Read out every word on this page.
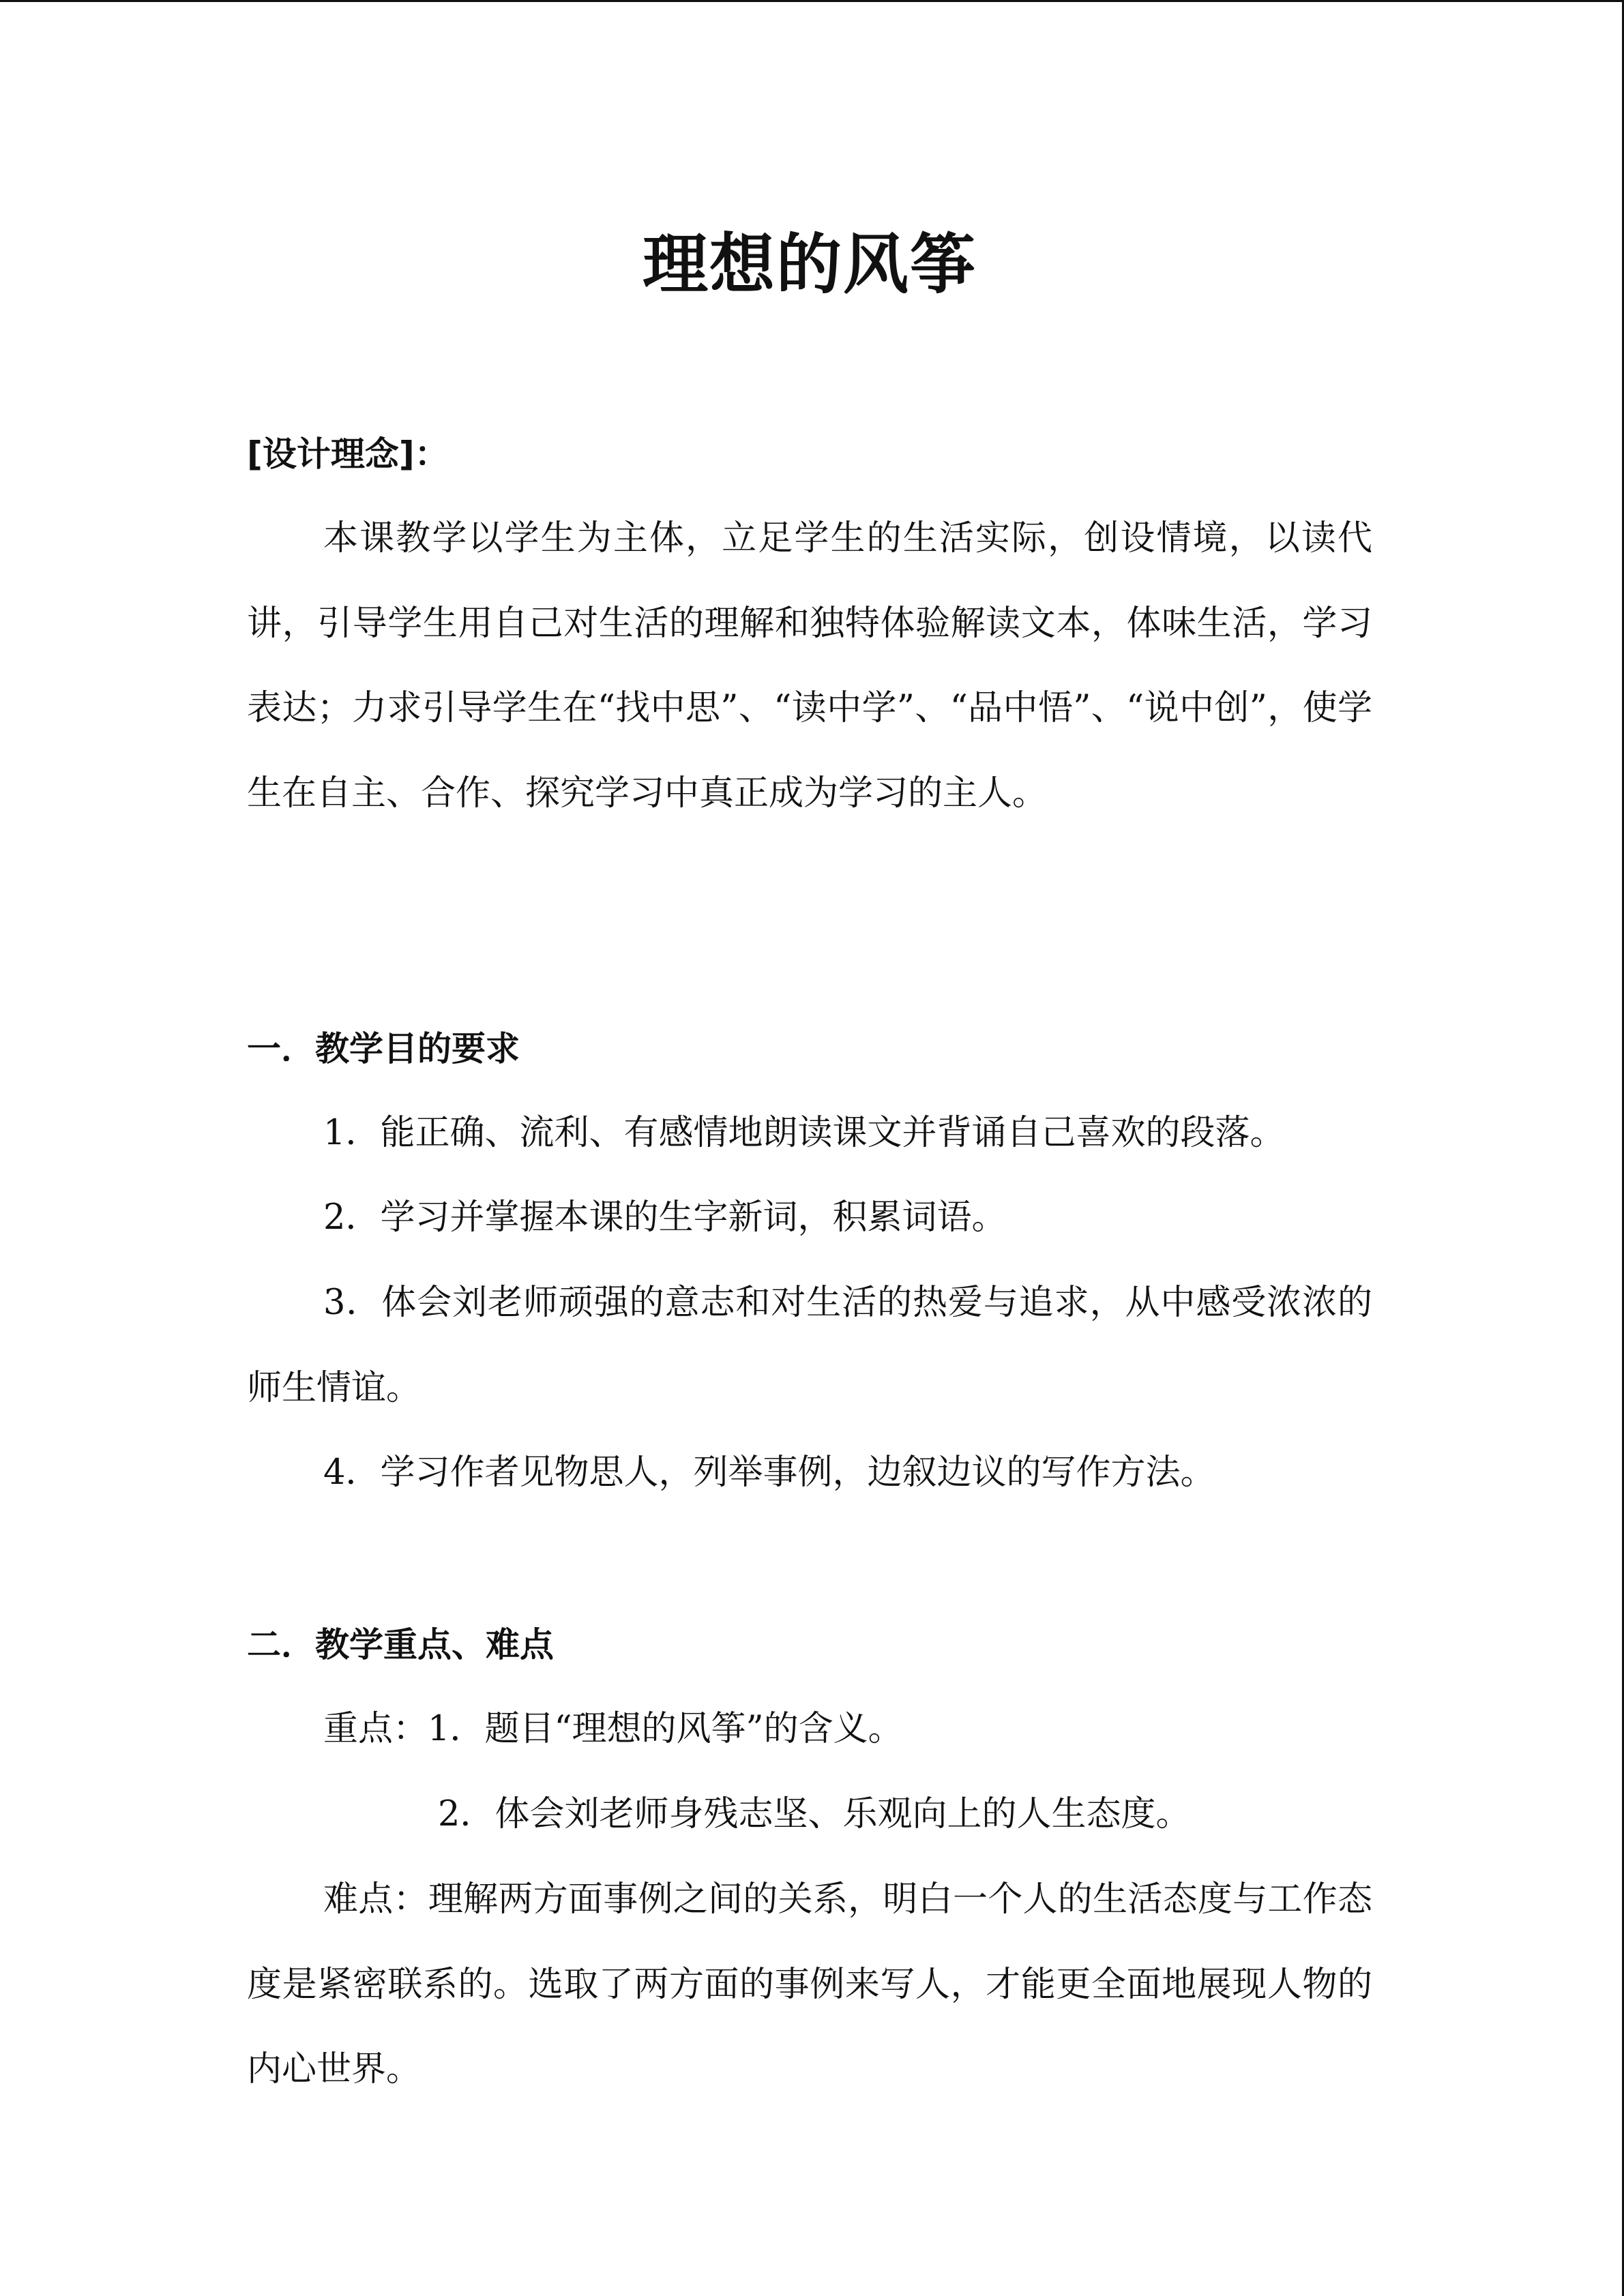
理想的风筝
[设计理念]：

本课教学以学生为主体，立足学生的生活实际，创设情境，以读代讲，引导学生用自己对生活的理解和独特体验解读文本，体味生活，学习表达；力求引导学生在“找中思”、“读中学”、“品中悟”、“说中创”，使学生在自主、合作、探究学习中真正成为学习的主人。

一．教学目的要求

1．能正确、流利、有感情地朗读课文并背诵自己喜欢的段落。

2．学习并掌握本课的生字新词，积累词语。

3．体会刘老师顽强的意志和对生活的热爱与追求，从中感受浓浓的师生情谊。

4．学习作者见物思人，列举事例，边叙边议的写作方法。

二．教学重点、难点

重点：1．题目“理想的风筝”的含义。

2．体会刘老师身残志坚、乐观向上的人生态度。

难点：理解两方面事例之间的关系，明白一个人的生活态度与工作态度是紧密联系的。选取了两方面的事例来写人，才能更全面地展现人物的内心世界。
